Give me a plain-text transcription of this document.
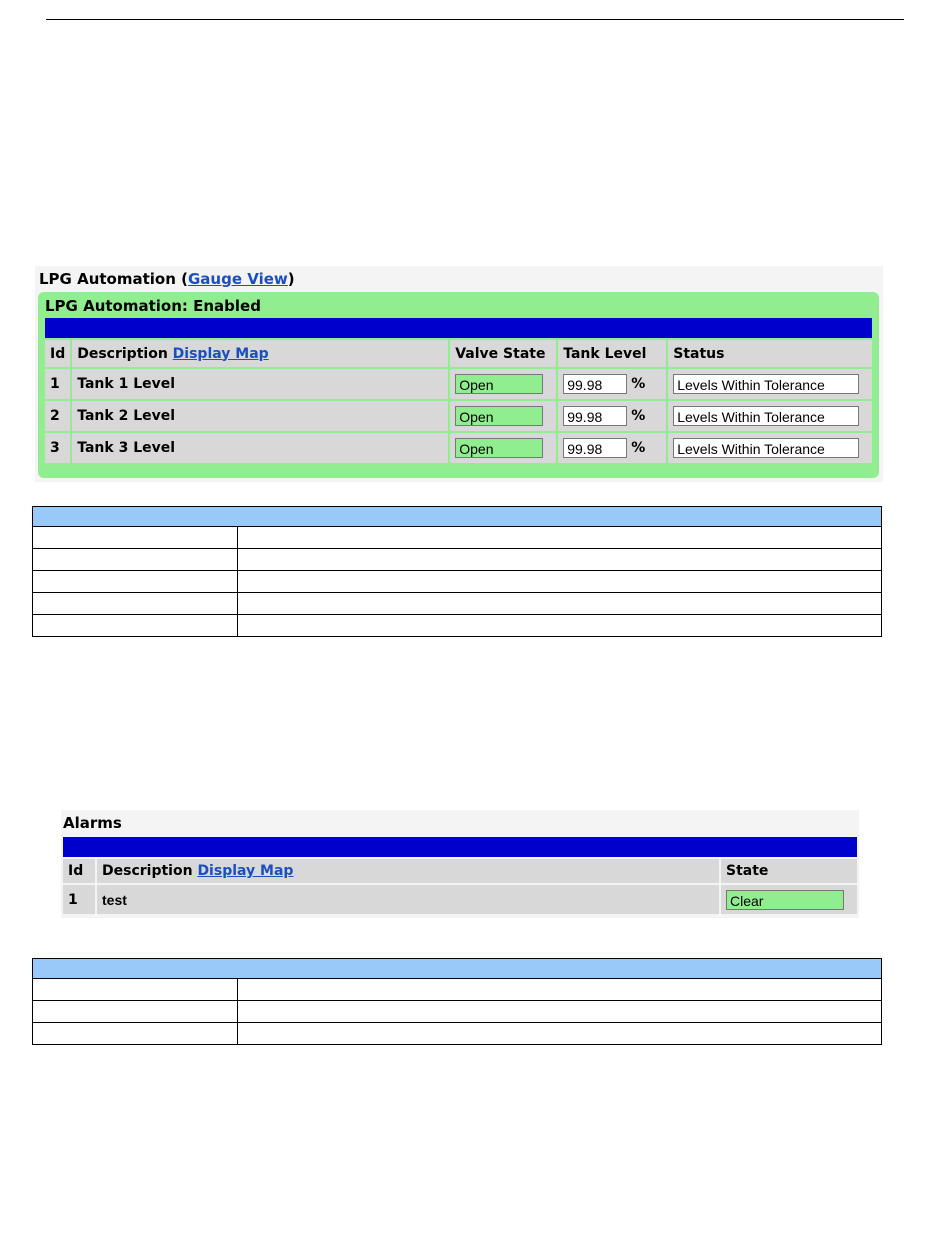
LPG Automation (Gauge View)
LPG Automation: Enabled
Id	Description Display Map	Valve State	Tank Level	Status
1	Tank 1 Level	Open	99.98 %	Levels Within Tolerance
2	Tank 2 Level	Open	99.98 %	Levels Within Tolerance
3	Tank 3 Level	Open	99.98 %	Levels Within Tolerance

Alarms
Id	Description Display Map	State
1	test	Clear
